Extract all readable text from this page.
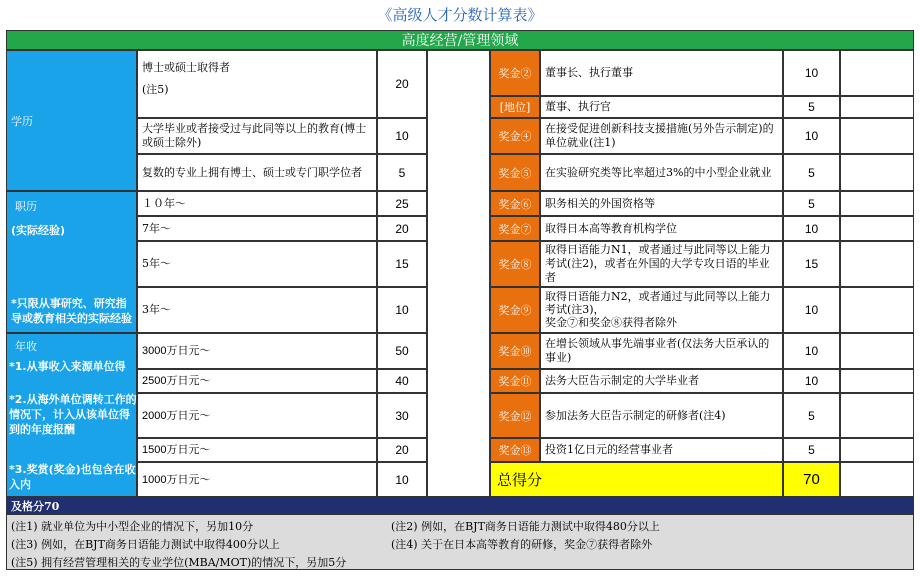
《高级人才分数计算表》
高度经营/管理领域
学历
博士或硕士取得者
(注5)	20
大学毕业或者接受过与此同等以上的教育(博士或硕士除外)	10
复数的专业上拥有博士、硕士或专门职学位者	5
职历
(实际经验)
*只限从事研究、研究指导或教育相关的实际经验
１０年～	25
7年～	20
5年～	15
3年～	10
年收
*1.从事收入来源单位得
*2.从海外单位调转工作的情况下，计入从该单位得到的年度报酬
*3.奖赏(奖金)也包含在收入内
3000万日元～	50
2500万日元～	40
2000万日元～	30
1500万日元～	20
1000万日元～	10
奖金② 董事长、执行董事	10
[地位] 董事、执行官	5
奖金④
在接受促进创新科技支援措施(另外告示制定)的单位就业(注1)	10
奖金⑤ 在实验研究类等比率超过3%的中小型企业就业	5
奖金⑥ 职务相关的外国资格等	5
奖金⑦ 取得日本高等教育机构学位	10
奖金⑧
取得日语能力N1，或者通过与此同等以上能力考试(注2)，或者在外国的大学专攻日语的毕业者
15
奖金⑨
取得日语能力N2，或者通过与此同等以上能力考试(注3)，
奖金⑦和奖金⑧获得者除外
10
奖金⑩
在增长领域从事先端事业者(仅法务大臣承认的事业)	10
奖金⑪ 法务大臣告示制定的大学毕业者	10
奖金⑫ 参加法务大臣告示制定的研修者(注4)	5
奖金⑬ 投资1亿日元的经营事业者	5
总得分	70
及格分70
(注1) 就业单位为中小型企业的情况下，另加10分	(注2) 例如，在BJT商务日语能力测试中取得480分以上
(注3) 例如，在BJT商务日语能力测试中取得400分以上	(注4) 关于在日本高等教育的研修，奖金⑦获得者除外
(注5) 拥有经营管理相关的专业学位(MBA/MOT)的情况下，另加5分
